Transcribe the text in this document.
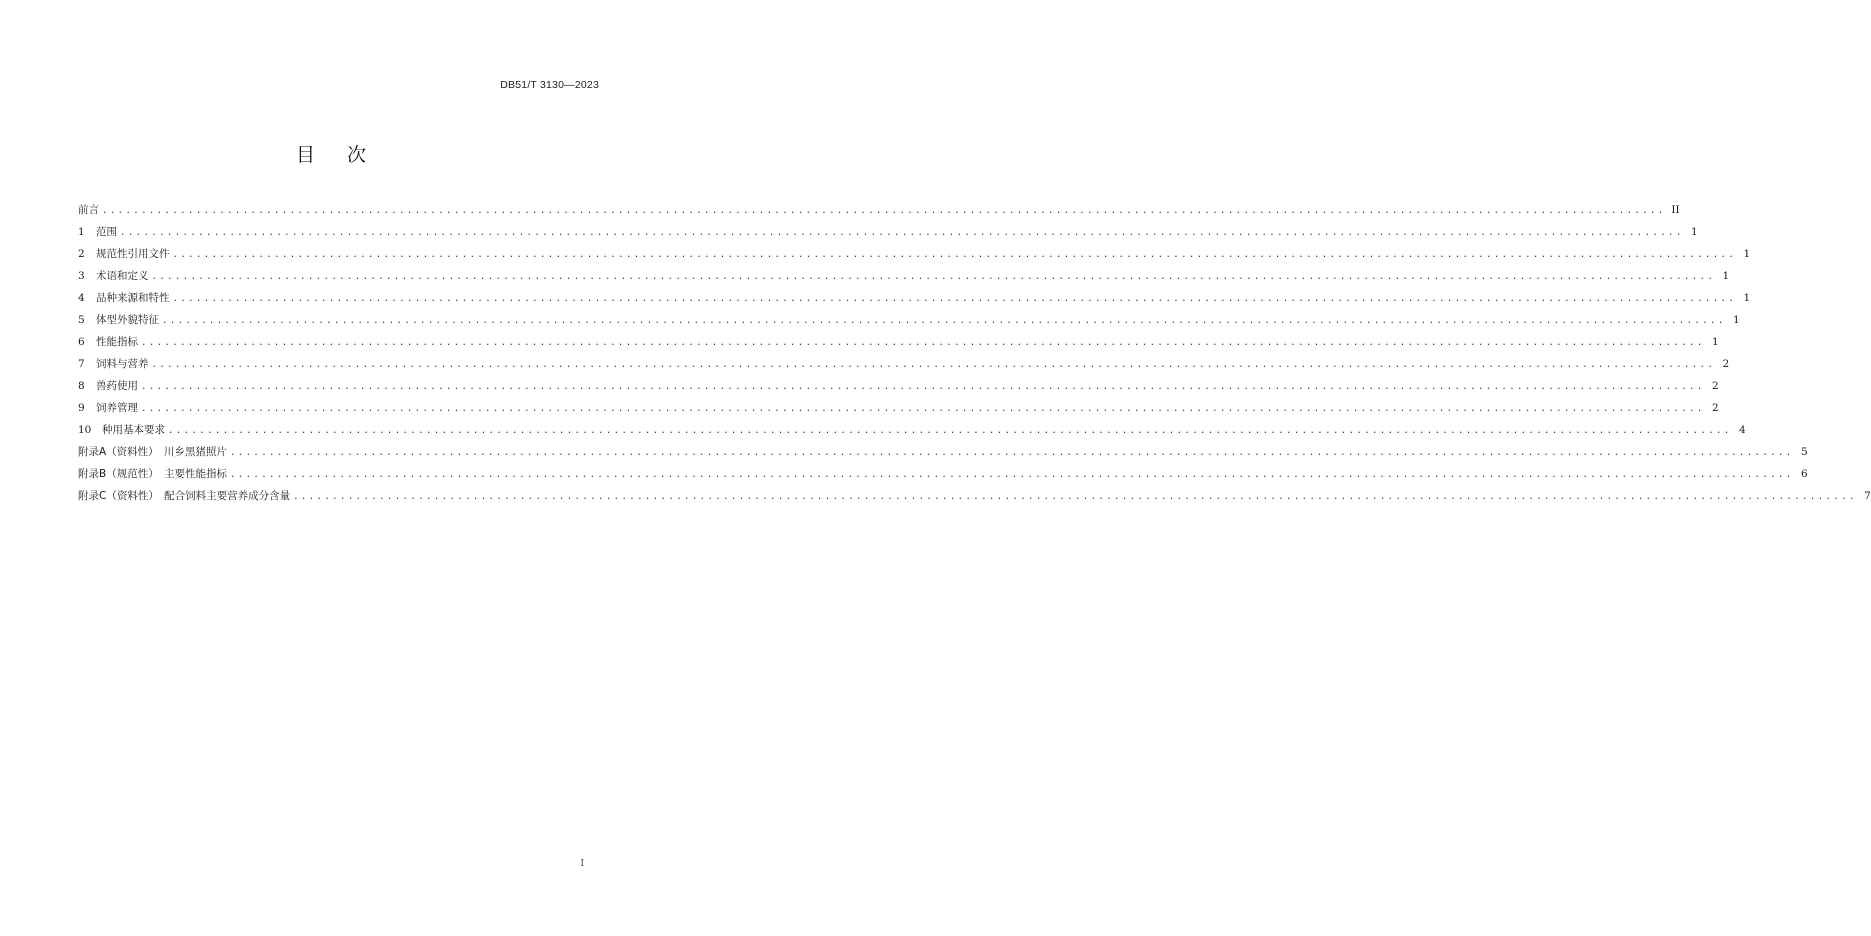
DB51/T 3130—2023
目次
前言 ........................................................................................................................................................................................................ II
1 范围 ........................................................................................................................................................................................................ 1
2 规范性引用文件 ........................................................................................................................................................................................................ 1
3 术语和定义 ........................................................................................................................................................................................................ 1
4 品种来源和特性 ........................................................................................................................................................................................................ 1
5 体型外貌特征 ........................................................................................................................................................................................................ 1
6 性能指标 ........................................................................................................................................................................................................ 1
7 饲料与营养 ........................................................................................................................................................................................................ 2
8 兽药使用 ........................................................................................................................................................................................................ 2
9 饲养管理 ........................................................................................................................................................................................................ 2
10 种用基本要求 ........................................................................................................................................................................................................ 4
附录A（资料性）　川乡黑猪照片 ........................................................................................................................................................................................................ 5
附录B（规范性）　主要性能指标 ........................................................................................................................................................................................................ 6
附录C（资料性）　配合饲料主要营养成分含量 ........................................................................................................................................................................................................ 7
I
